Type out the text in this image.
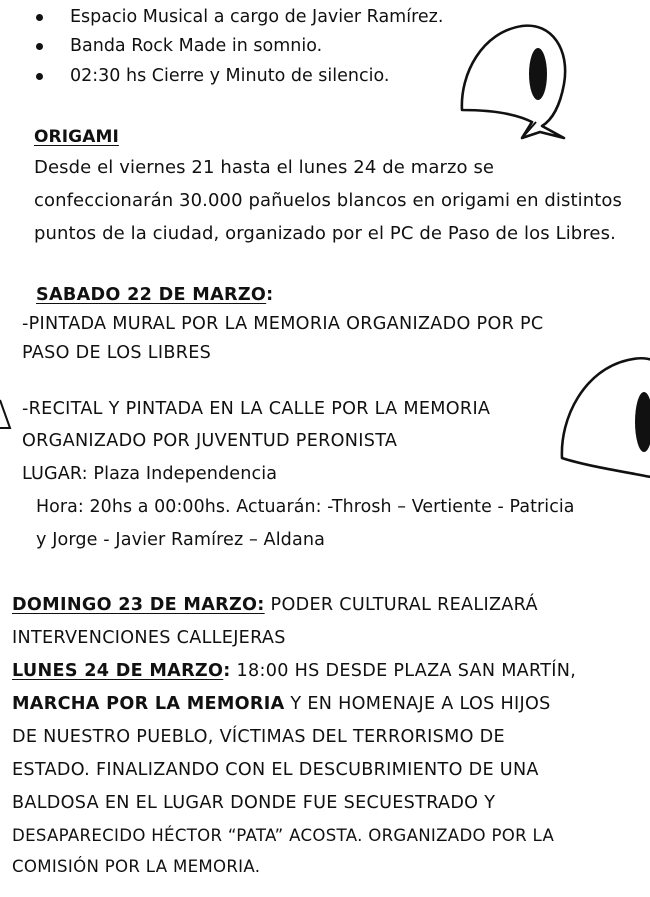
Espacio Musical a cargo de Javier Ramírez.
Banda Rock Made in somnio.
02:30 hs Cierre y Minuto de silencio.
ORIGAMI
Desde el viernes 21 hasta el lunes 24 de marzo se
confeccionarán 30.000 pañuelos blancos en origami en distintos
puntos de la ciudad, organizado por el PC de Paso de los Libres.
SABADO 22 DE MARZO:
-PINTADA MURAL POR LA MEMORIA ORGANIZADO POR PC
PASO DE LOS LIBRES
-RECITAL Y PINTADA EN LA CALLE POR LA MEMORIA
ORGANIZADO POR JUVENTUD PERONISTA
LUGAR: Plaza Independencia
Hora: 20hs a 00:00hs. Actuarán: -Throsh – Vertiente - Patricia
y Jorge - Javier Ramírez – Aldana
DOMINGO 23 DE MARZO: PODER CULTURAL REALIZARÁ
INTERVENCIONES CALLEJERAS
LUNES 24 DE MARZO: 18:00 HS DESDE PLAZA SAN MARTÍN,
MARCHA POR LA MEMORIA Y EN HOMENAJE A LOS HIJOS
DE NUESTRO PUEBLO, VÍCTIMAS DEL TERRORISMO DE
ESTADO. FINALIZANDO CON EL DESCUBRIMIENTO DE UNA
BALDOSA EN EL LUGAR DONDE FUE SECUESTRADO Y
DESAPARECIDO HÉCTOR “PATA” ACOSTA. ORGANIZADO POR LA
COMISIÓN POR LA MEMORIA.
